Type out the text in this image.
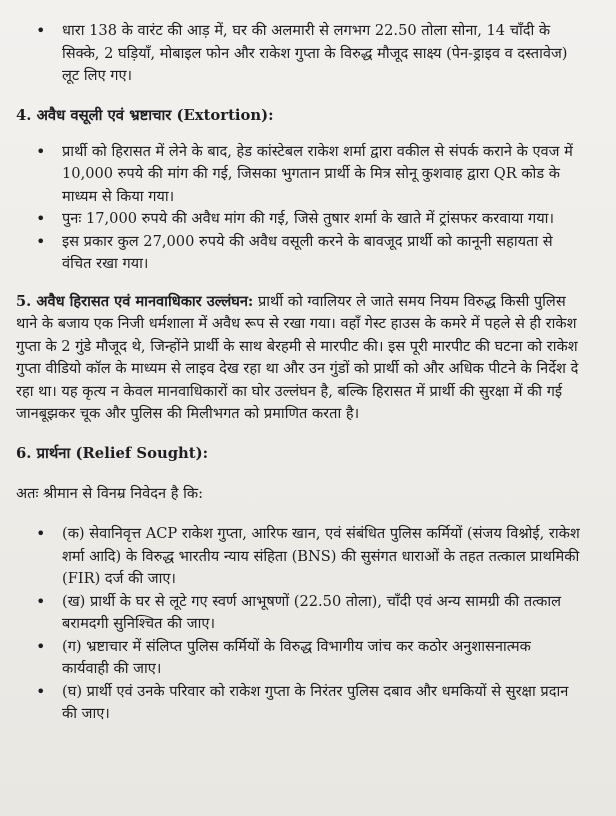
• धारा 138 के वारंट की आड़ में, घर की अलमारी से लगभग 22.50 तोला सोना, 14 चाँदी के सिक्के, 2 घड़ियाँ, मोबाइल फोन और राकेश गुप्ता के विरुद्ध मौजूद साक्ष्य (पेन-ड्राइव व दस्तावेज) लूट लिए गए।
4. अवैध वसूली एवं भ्रष्टाचार (Extortion):
• प्रार्थी को हिरासत में लेने के बाद, हेड कांस्टेबल राकेश शर्मा द्वारा वकील से संपर्क कराने के एवज में 10,000 रुपये की मांग की गई, जिसका भुगतान प्रार्थी के मित्र सोनू कुशवाह द्वारा QR कोड के माध्यम से किया गया।
• पुनः 17,000 रुपये की अवैध मांग की गई, जिसे तुषार शर्मा के खाते में ट्रांसफर करवाया गया।
• इस प्रकार कुल 27,000 रुपये की अवैध वसूली करने के बावजूद प्रार्थी को कानूनी सहायता से वंचित रखा गया।

5. अवैध हिरासत एवं मानवाधिकार उल्लंघन: प्रार्थी को ग्वालियर ले जाते समय नियम विरुद्ध किसी पुलिस थाने के बजाय एक निजी धर्मशाला में अवैध रूप से रखा गया। वहाँ गेस्ट हाउस के कमरे में पहले से ही राकेश गुप्ता के 2 गुंडे मौजूद थे, जिन्होंने प्रार्थी के साथ बेरहमी से मारपीट की। इस पूरी मारपीट की घटना को राकेश गुप्ता वीडियो कॉल के माध्यम से लाइव देख रहा था और उन गुंडों को प्रार्थी को और अधिक पीटने के निर्देश दे रहा था। यह कृत्य न केवल मानवाधिकारों का घोर उल्लंघन है, बल्कि हिरासत में प्रार्थी की सुरक्षा में की गई जानबूझकर चूक और पुलिस की मिलीभगत को प्रमाणित करता है।

6. प्रार्थना (Relief Sought):

अतः श्रीमान से विनम्र निवेदन है कि:

• (क) सेवानिवृत्त ACP राकेश गुप्ता, आरिफ खान, एवं संबंधित पुलिस कर्मियों (संजय विश्नोई, राकेश शर्मा आदि) के विरुद्ध भारतीय न्याय संहिता (BNS) की सुसंगत धाराओं के तहत तत्काल प्राथमिकी (FIR) दर्ज की जाए।
• (ख) प्रार्थी के घर से लूटे गए स्वर्ण आभूषणों (22.50 तोला), चाँदी एवं अन्य सामग्री की तत्काल बरामदगी सुनिश्चित की जाए।
• (ग) भ्रष्टाचार में संलिप्त पुलिस कर्मियों के विरुद्ध विभागीय जांच कर कठोर अनुशासनात्मक कार्यवाही की जाए।
• (घ) प्रार्थी एवं उनके परिवार को राकेश गुप्ता के निरंतर पुलिस दबाव और धमकियों से सुरक्षा प्रदान की जाए।
